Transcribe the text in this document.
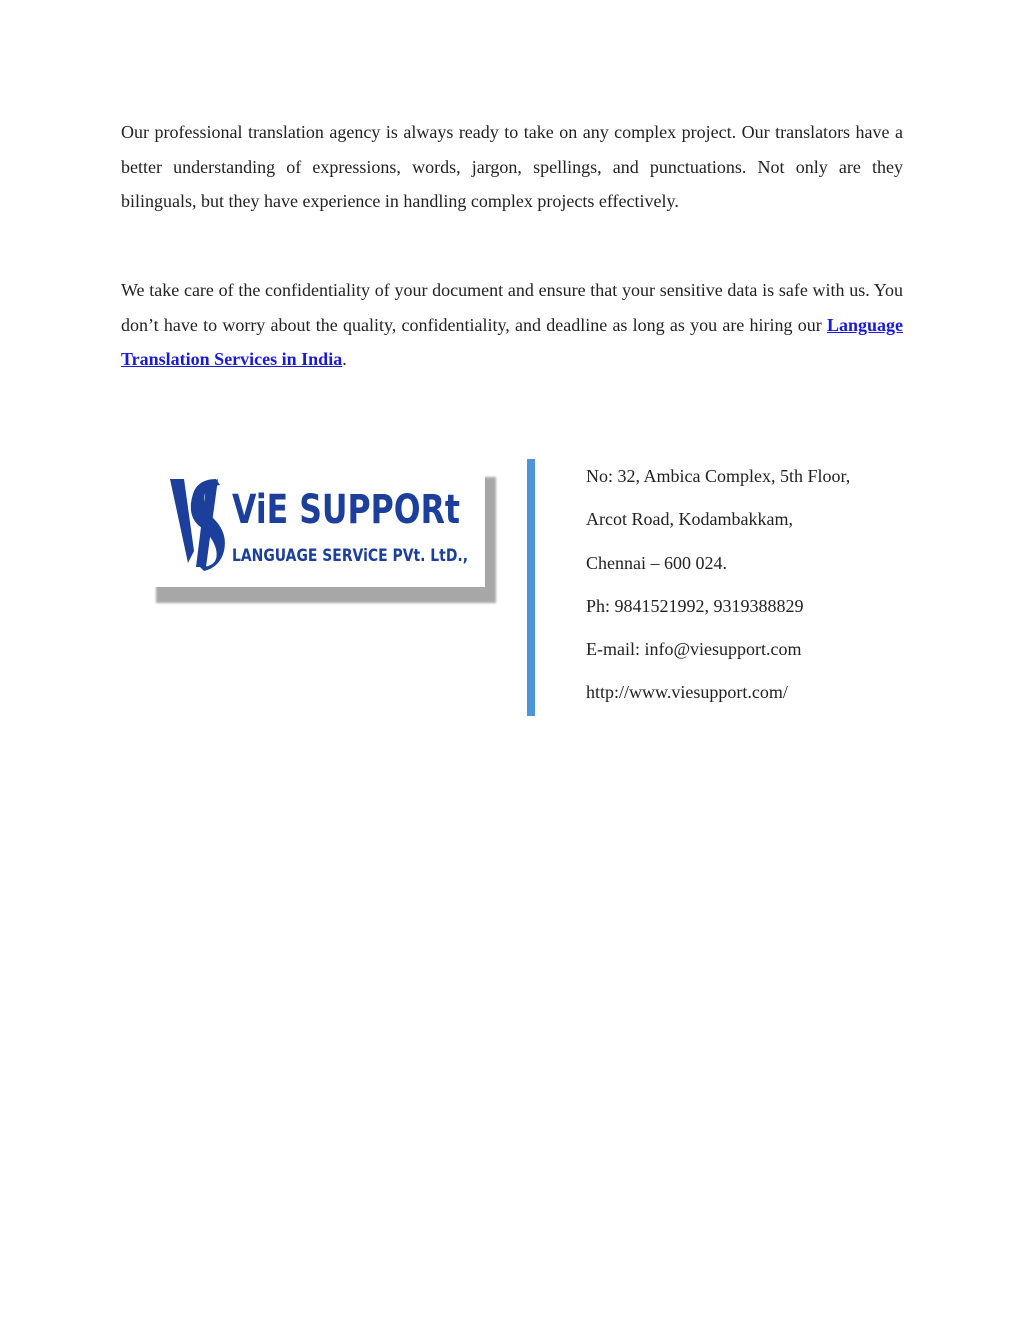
Our professional translation agency is always ready to take on any complex project. Our translators have a better understanding of expressions, words, jargon, spellings, and punctuations. Not only are they bilinguals, but they have experience in handling complex projects effectively.

We take care of the confidentiality of your document and ensure that your sensitive data is safe with us. You don’t have to worry about the quality, confidentiality, and deadline as long as you are hiring our Language Translation Services in India.

ViE SUPPORt
LANGUAGE SERViCE PVt. LtD.,
No: 32, Ambica Complex, 5th Floor,
Arcot Road, Kodambakkam,
Chennai – 600 024.
Ph: 9841521992, 9319388829
E-mail: info@viesupport.com
http://www.viesupport.com/
